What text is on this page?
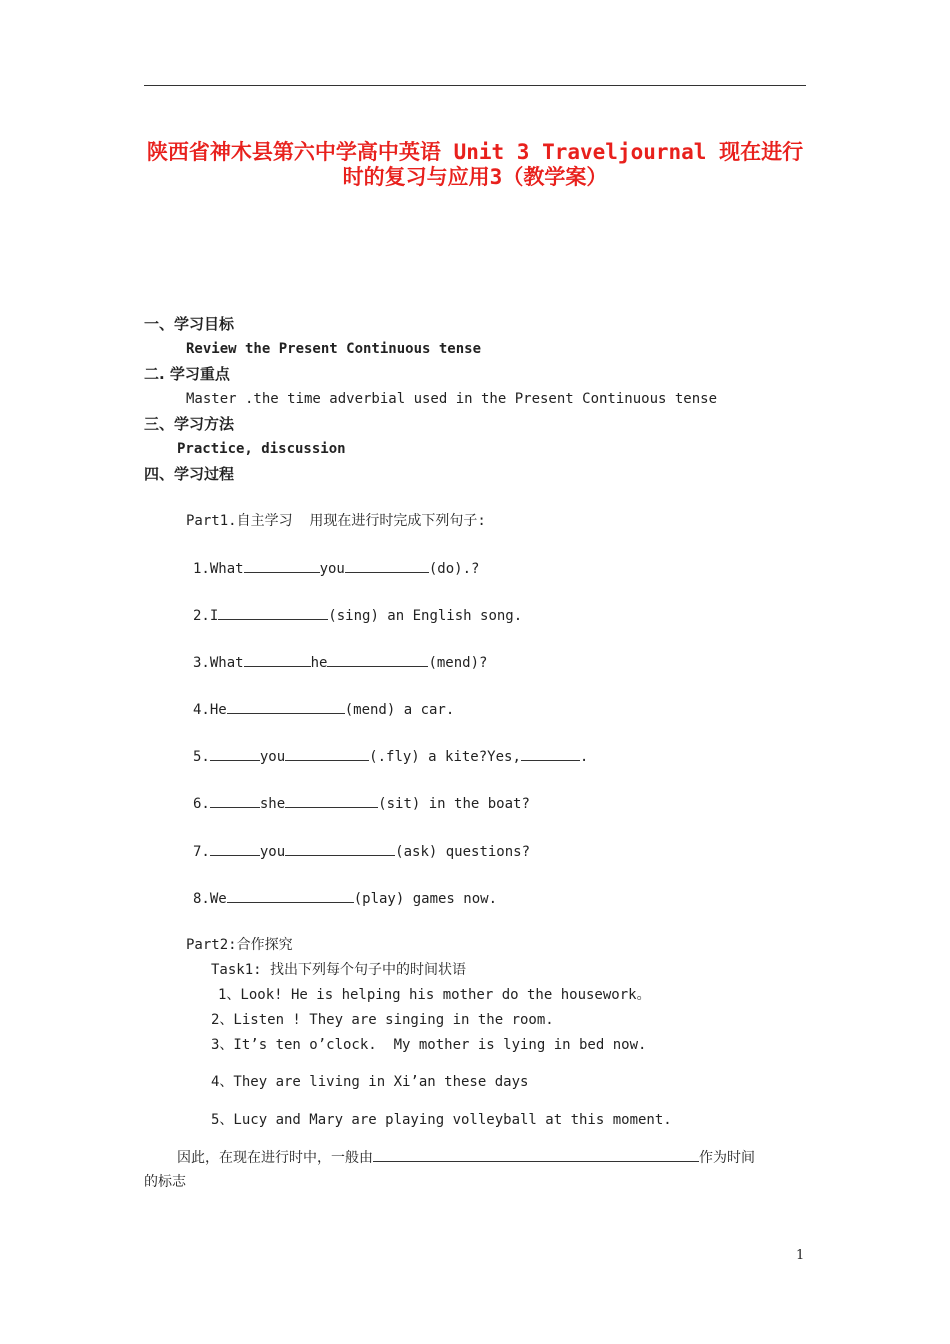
陕西省神木县第六中学高中英语 Unit 3 Traveljournal 现在进行
时的复习与应用3（教学案）
一、学习目标
Review the Present Continuous tense
二. 学习重点
Master .the time adverbial used in the Present Continuous tense
三、学习方法
Practice, discussion
四、学习过程
Part1.自主学习  用现在进行时完成下列句子:
1.What	you	(do).?
2.I	(sing) an English song.
3.What	he	(mend)?
4.He	(mend) a car.
5.	you	(.fly) a kite?Yes,	.
6.	she	(sit) in the boat?
7.	you	(ask) questions?
8.We	(play) games now.
Part2:合作探究
Task1: 找出下列每个句子中的时间状语
1、Look! He is helping his mother do the housework。
2、Listen ! They are singing in the room.
3、It’s ten o’clock.  My mother is lying in bed now.
4、They are living in Xi’an these days
5、Lucy and Mary are playing volleyball at this moment.
因此，在现在进行时中，一般由	作为时间
的标志
1
